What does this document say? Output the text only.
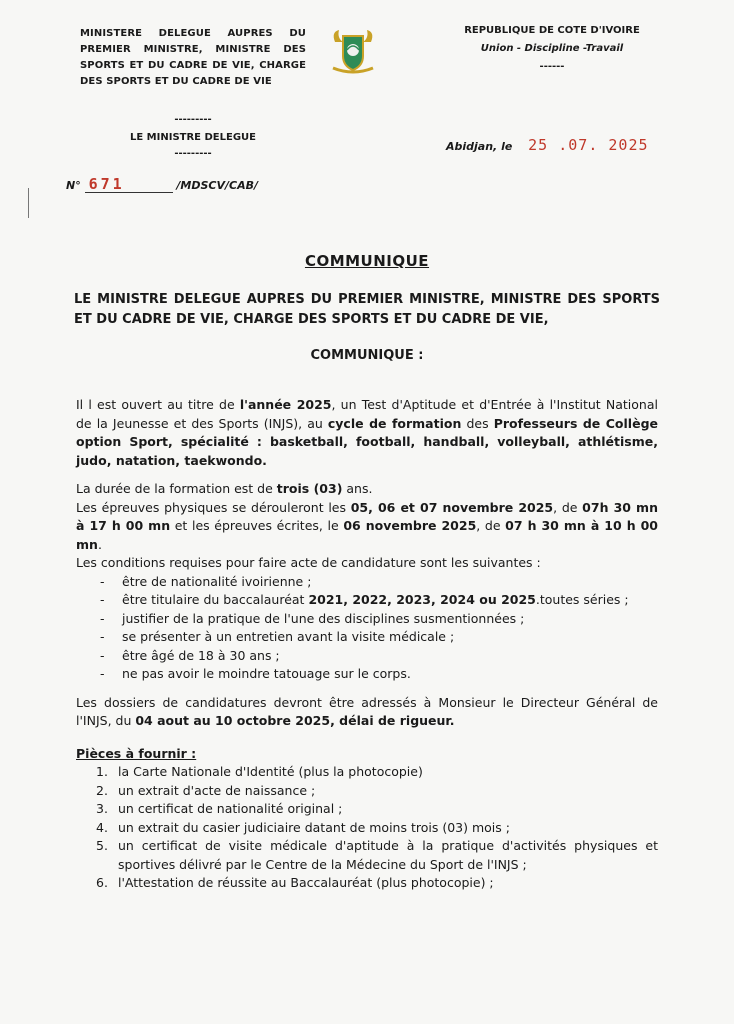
MINISTERE DELEGUE AUPRES DU PREMIER MINISTRE, MINISTRE DES SPORTS ET DU CADRE DE VIE, CHARGE DES SPORTS ET DU CADRE DE VIE
---------
LE MINISTRE DELEGUE
---------
REPUBLIQUE DE COTE D'IVOIRE
Union - Discipline -Travail
------
Abidjan, le 25 .07. 2025
N° 671	/MDSCV/CAB/
COMMUNIQUE
LE MINISTRE DELEGUE AUPRES DU PREMIER MINISTRE, MINISTRE DES SPORTS ET DU CADRE DE VIE, CHARGE DES SPORTS ET DU CADRE DE VIE,
COMMUNIQUE :

Il l est ouvert au titre de l'année 2025, un Test d'Aptitude et d'Entrée à l'Institut National de la Jeunesse et des Sports (INJS), au cycle de formation des Professeurs de Collège option Sport, spécialité : basketball, football, handball, volleyball, athlétisme, judo, natation, taekwondo.

La durée de la formation est de trois (03) ans.

Les épreuves physiques se dérouleront les 05, 06 et 07 novembre 2025, de 07h 30 mn à 17 h 00 mn et les épreuves écrites, le 06 novembre 2025, de 07 h 30 mn à 10 h 00 mn.

Les conditions requises pour faire acte de candidature sont les suivantes :

- être de nationalité ivoirienne ;
- être titulaire du baccalauréat 2021, 2022, 2023, 2024 ou 2025.toutes séries ;
- justifier de la pratique de l'une des disciplines susmentionnées ;
- se présenter à un entretien avant la visite médicale ;
- être âgé de 18 à 30 ans ;
- ne pas avoir le moindre tatouage sur le corps.

Les dossiers de candidatures devront être adressés à Monsieur le Directeur Général de l'INJS, du 04 aout au 10 octobre 2025, délai de rigueur.

Pièces à fournir :

1. la Carte Nationale d'Identité (plus la photocopie)
2. un extrait d'acte de naissance ;
3. un certificat de nationalité original ;
4. un extrait du casier judiciaire datant de moins trois (03) mois ;
5. un certificat de visite médicale d'aptitude à la pratique d'activités physiques et sportives délivré par le Centre de la Médecine du Sport de l'INJS ;
6. l'Attestation de réussite au Baccalauréat (plus photocopie) ;
